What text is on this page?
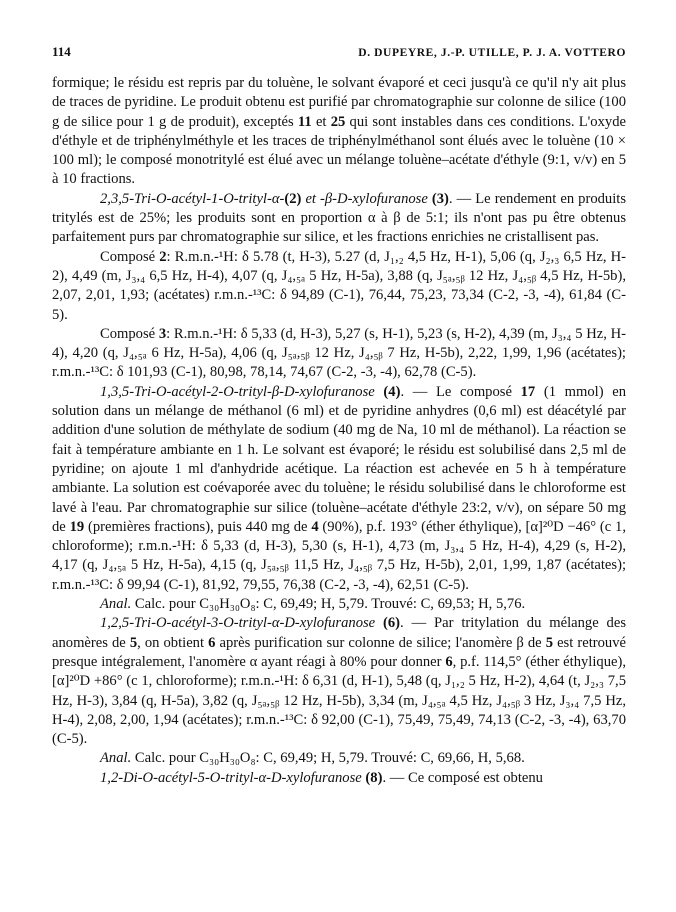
114	D. DUPEYRE, J.-P. UTILLE, P. J. A. VOTTERO

formique; le résidu est repris par du toluène, le solvant évaporé et ceci jusqu'à ce qu'il n'y ait plus de traces de pyridine. Le produit obtenu est purifié par chromatographie sur colonne de silice (100 g de silice pour 1 g de produit), exceptés 11 et 25 qui sont instables dans ces conditions. L'oxyde d'éthyle et de triphénylméthyle et les traces de triphénylméthanol sont élués avec le toluène (10 × 100 ml); le composé monotritylé est élué avec un mélange toluène–acétate d'éthyle (9:1, v/v) en 5 à 10 fractions.

2,3,5-Tri-O-acétyl-1-O-trityl-α-(2) et -β-D-xylofuranose (3). — Le rendement en produits tritylés est de 25%; les produits sont en proportion α à β de 5:1; ils n'ont pas pu être obtenus parfaitement purs par chromatographie sur silice, et les fractions enrichies ne cristallisent pas.

Composé 2: R.m.n.-¹H: δ 5.78 (t, H-3), 5.27 (d, J₁,₂ 4,5 Hz, H-1), 5,06 (q, J₂,₃ 6,5 Hz, H-2), 4,49 (m, J₃,₄ 6,5 Hz, H-4), 4,07 (q, J₄,₅ₐ 5 Hz, H-5a), 3,88 (q, J₅ₐ,₅ᵦ 12 Hz, J₄,₅ᵦ 4,5 Hz, H-5b), 2,07, 2,01, 1,93; (acétates) r.m.n.-¹³C: δ 94,89 (C-1), 76,44, 75,23, 73,34 (C-2, -3, -4), 61,84 (C-5).

Composé 3: R.m.n.-¹H: δ 5,33 (d, H-3), 5,27 (s, H-1), 5,23 (s, H-2), 4,39 (m, J₃,₄ 5 Hz, H-4), 4,20 (q, J₄,₅ₐ 6 Hz, H-5a), 4,06 (q, J₅ₐ,₅ᵦ 12 Hz, J₄,₅ᵦ 7 Hz, H-5b), 2,22, 1,99, 1,96 (acétates); r.m.n.-¹³C: δ 101,93 (C-1), 80,98, 78,14, 74,67 (C-2, -3, -4), 62,78 (C-5).

1,3,5-Tri-O-acétyl-2-O-trityl-β-D-xylofuranose (4). — Le composé 17 (1 mmol) en solution dans un mélange de méthanol (6 ml) et de pyridine anhydres (0,6 ml) est déacétylé par addition d'une solution de méthylate de sodium (40 mg de Na, 10 ml de méthanol). La réaction se fait à température ambiante en 1 h. Le solvant est évaporé; le résidu est solubilisé dans 2,5 ml de pyridine; on ajoute 1 ml d'anhydride acétique. La réaction est achevée en 5 h à température ambiante. La solution est coévaporée avec du toluène; le résidu solubilisé dans le chloroforme est lavé à l'eau. Par chromatographie sur silice (toluène–acétate d'éthyle 23:2, v/v), on sépare 50 mg de 19 (premières fractions), puis 440 mg de 4 (90%), p.f. 193° (éther éthylique), [α]²⁰D −46° (c 1, chloroforme); r.m.n.-¹H: δ 5,33 (d, H-3), 5,30 (s, H-1), 4,73 (m, J₃,₄ 5 Hz, H-4), 4,29 (s, H-2), 4,17 (q, J₄,₅ₐ 5 Hz, H-5a), 4,15 (q, J₅ₐ,₅ᵦ 11,5 Hz, J₄,₅ᵦ 7,5 Hz, H-5b), 2,01, 1,99, 1,87 (acétates); r.m.n.-¹³C: δ 99,94 (C-1), 81,92, 79,55, 76,38 (C-2, -3, -4), 62,51 (C-5).

Anal. Calc. pour C₃₀H₃₀O₈: C, 69,49; H, 5,79. Trouvé: C, 69,53; H, 5,76.

1,2,5-Tri-O-acétyl-3-O-trityl-α-D-xylofuranose (6). — Par tritylation du mélange des anomères de 5, on obtient 6 après purification sur colonne de silice; l'anomère β de 5 est retrouvé presque intégralement, l'anomère α ayant réagi à 80% pour donner 6, p.f. 114,5° (éther éthylique), [α]²⁰D +86° (c 1, chloroforme); r.m.n.-¹H: δ 6,31 (d, H-1), 5,48 (q, J₁,₂ 5 Hz, H-2), 4,64 (t, J₂,₃ 7,5 Hz, H-3), 3,84 (q, H-5a), 3,82 (q, J₅ₐ,₅ᵦ 12 Hz, H-5b), 3,34 (m, J₄,₅ₐ 4,5 Hz, J₄,₅ᵦ 3 Hz, J₃,₄ 7,5 Hz, H-4), 2,08, 2,00, 1,94 (acétates); r.m.n.-¹³C: δ 92,00 (C-1), 75,49, 75,49, 74,13 (C-2, -3, -4), 63,70 (C-5).

Anal. Calc. pour C₃₀H₃₀O₈: C, 69,49; H, 5,79. Trouvé: C, 69,66, H, 5,68.

1,2-Di-O-acétyl-5-O-trityl-α-D-xylofuranose (8). — Ce composé est obtenu
